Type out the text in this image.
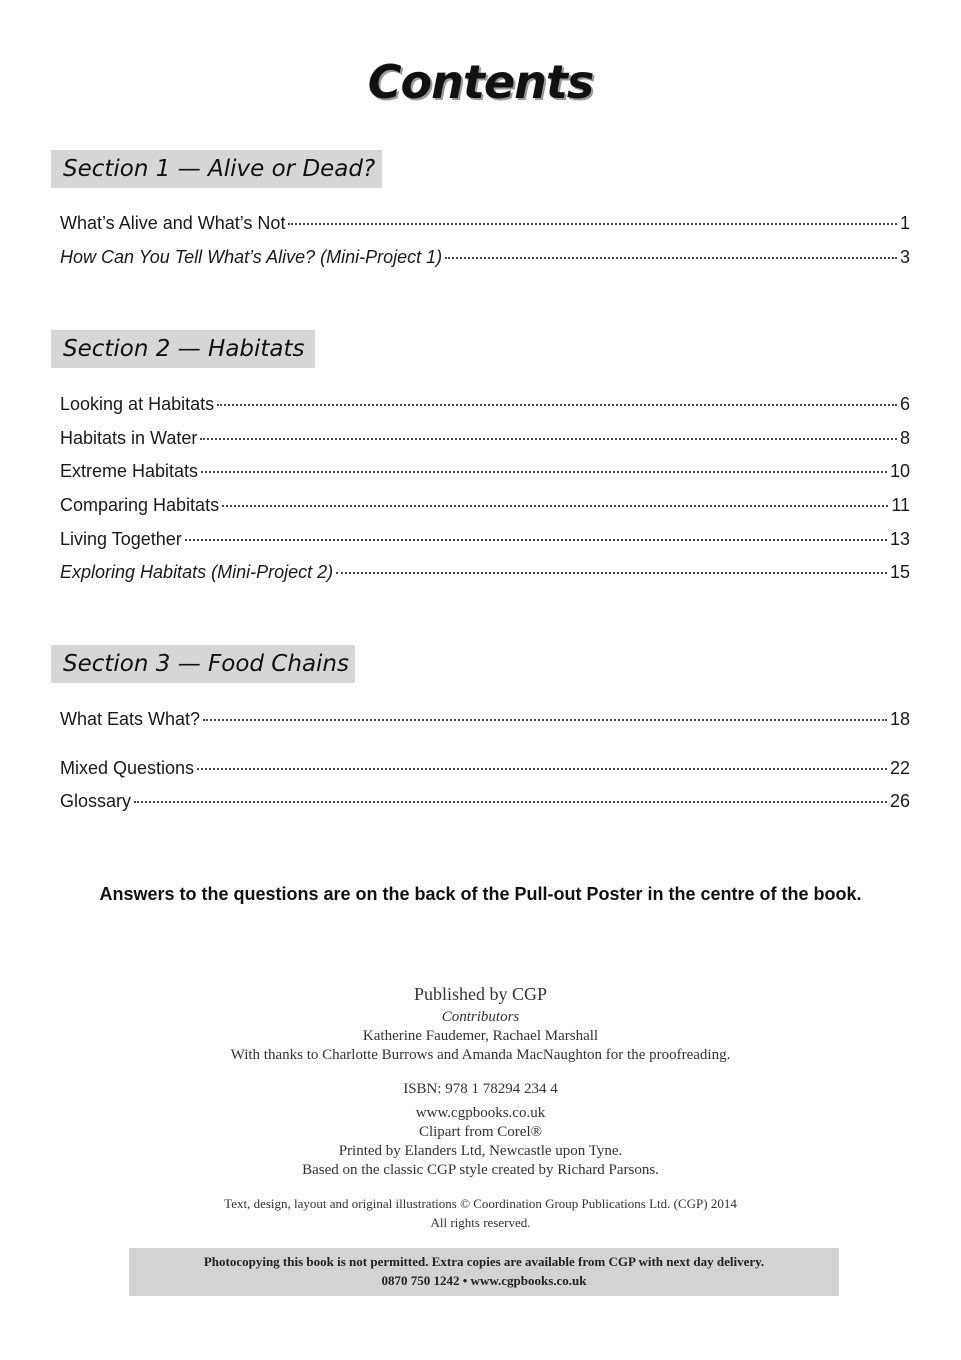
Contents
Section 1 — Alive or Dead?
What’s Alive and What’s Not	1
How Can You Tell What’s Alive? (Mini-Project 1)	3
Section 2 — Habitats
Looking at Habitats	6
Habitats in Water	8
Extreme Habitats	10
Comparing Habitats	11
Living Together	13
Exploring Habitats (Mini-Project 2)	15
Section 3 — Food Chains
What Eats What?	18
Mixed Questions	22
Glossary	26
Answers to the questions are on the back of the Pull-out Poster in the centre of the book.
Published by CGP
Contributors
Katherine Faudemer, Rachael Marshall
With thanks to Charlotte Burrows and Amanda MacNaughton for the proofreading.
ISBN: 978 1 78294 234 4
www.cgpbooks.co.uk
Clipart from Corel®
Printed by Elanders Ltd, Newcastle upon Tyne.
Based on the classic CGP style created by Richard Parsons.
Text, design, layout and original illustrations © Coordination Group Publications Ltd. (CGP) 2014
All rights reserved.
Photocopying this book is not permitted. Extra copies are available from CGP with next day delivery.
0870 750 1242 • www.cgpbooks.co.uk
